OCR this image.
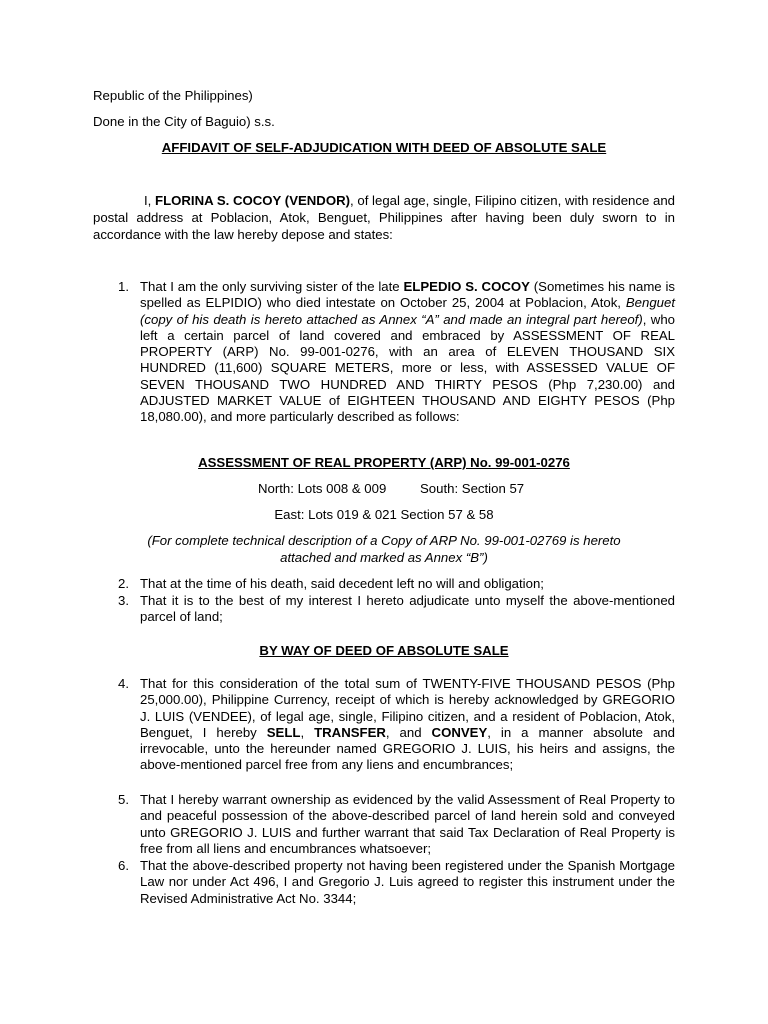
Republic of the Philippines)
Done in the City of Baguio) s.s.
AFFIDAVIT OF SELF-ADJUDICATION WITH DEED OF ABSOLUTE SALE
I, FLORINA S. COCOY (VENDOR), of legal age, single, Filipino citizen, with residence and postal address at Poblacion, Atok, Benguet, Philippines after having been duly sworn to in accordance with the law hereby depose and states:
1. That I am the only surviving sister of the late ELPEDIO S. COCOY (Sometimes his name is spelled as ELPIDIO) who died intestate on October 25, 2004 at Poblacion, Atok, Benguet (copy of his death is hereto attached as Annex “A” and made an integral part hereof), who left a certain parcel of land covered and embraced by ASSESSMENT OF REAL PROPERTY (ARP) No. 99-001-0276, with an area of ELEVEN THOUSAND SIX HUNDRED (11,600) SQUARE METERS, more or less, with ASSESSED VALUE OF SEVEN THOUSAND TWO HUNDRED AND THIRTY PESOS (Php 7,230.00) and ADJUSTED MARKET VALUE of EIGHTEEN THOUSAND AND EIGHTY PESOS (Php 18,080.00), and more particularly described as follows:
ASSESSMENT OF REAL PROPERTY (ARP) No. 99-001-0276
North: Lots 008 & 009	South: Section 57
East: Lots 019 & 021 Section 57 & 58
(For complete technical description of a Copy of ARP No. 99-001-02769 is hereto
attached and marked as Annex “B”)
2. That at the time of his death, said decedent left no will and obligation;
3. That it is to the best of my interest I hereto adjudicate unto myself the above-mentioned parcel of land;
BY WAY OF DEED OF ABSOLUTE SALE
4. That for this consideration of the total sum of TWENTY-FIVE THOUSAND PESOS (Php 25,000.00), Philippine Currency, receipt of which is hereby acknowledged by GREGORIO J. LUIS (VENDEE), of legal age, single, Filipino citizen, and a resident of Poblacion, Atok, Benguet, I hereby SELL, TRANSFER, and CONVEY, in a manner absolute and irrevocable, unto the hereunder named GREGORIO J. LUIS, his heirs and assigns, the above-mentioned parcel free from any liens and encumbrances;
5. That I hereby warrant ownership as evidenced by the valid Assessment of Real Property to and peaceful possession of the above-described parcel of land herein sold and conveyed unto GREGORIO J. LUIS and further warrant that said Tax Declaration of Real Property is free from all liens and encumbrances whatsoever;
6. That the above-described property not having been registered under the Spanish Mortgage Law nor under Act 496, I and Gregorio J. Luis agreed to register this instrument under the Revised Administrative Act No. 3344;
